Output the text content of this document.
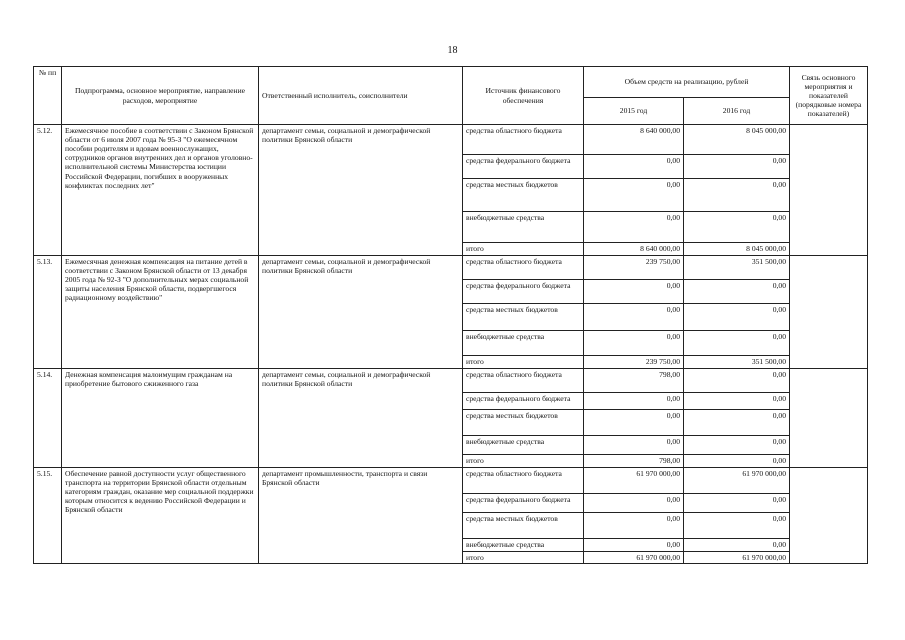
18
№ пп	Подпрограмма, основное мероприятие, направление расходов, мероприятие	Ответственный исполнитель, соисполнители	Источник финансового обеспечения	Объем средств на реализацию, рублей		Связь основного мероприятия и показателей (порядковые номера показателей)
				2015 год	2016 год	
5.12.	Ежемесячное пособие в соответствии с Законом Брянской области от 6 июля 2007 года № 95-З "О ежемесячном пособии родителям и вдовам военнослужащих, сотрудников органов внутренних дел и органов уголовно-исполнительной системы Министерства юстиции Российской Федерации, погибших в вооруженных конфликтах последних лет"	департамент семьи, социальной и демографической политики Брянской области	средства областного бюджета	8 640 000,00	8 045 000,00	
			средства федерального бюджета	0,00	0,00	
			средства местных бюджетов	0,00	0,00	
			внебюджетные средства	0,00	0,00	
			итого	8 640 000,00	8 045 000,00	
5.13.	Ежемесячная денежная компенсация на питание детей в соответствии с Законом Брянской области от 13 декабря 2005 года № 92-З "О дополнительных мерах социальной защиты населения Брянской области, подвергшегося радиационному воздействию"	департамент семьи, социальной и демографической политики Брянской области	средства областного бюджета	239 750,00	351 500,00	
			средства федерального бюджета	0,00	0,00	
			средства местных бюджетов	0,00	0,00	
			внебюджетные средства	0,00	0,00	
			итого	239 750,00	351 500,00	
5.14.	Денежная компенсация малоимущим гражданам на приобретение бытового сжиженного газа	департамент семьи, социальной и демографической политики Брянской области	средства областного бюджета	798,00	0,00	
			средства федерального бюджета	0,00	0,00	
			средства местных бюджетов	0,00	0,00	
			внебюджетные средства	0,00	0,00	
			итого	798,00	0,00	
5.15.	Обеспечение равной доступности услуг общественного транспорта на территории Брянской области отдельным категориям граждан, оказание мер социальной поддержки которым относится к ведению Российской Федерации и Брянской области	департамент промышленности, транспорта и связи Брянской области	средства областного бюджета	61 970 000,00	61 970 000,00	
			средства федерального бюджета	0,00	0,00	
			средства местных бюджетов	0,00	0,00	
			внебюджетные средства	0,00	0,00	
			итого	61 970 000,00	61 970 000,00	
